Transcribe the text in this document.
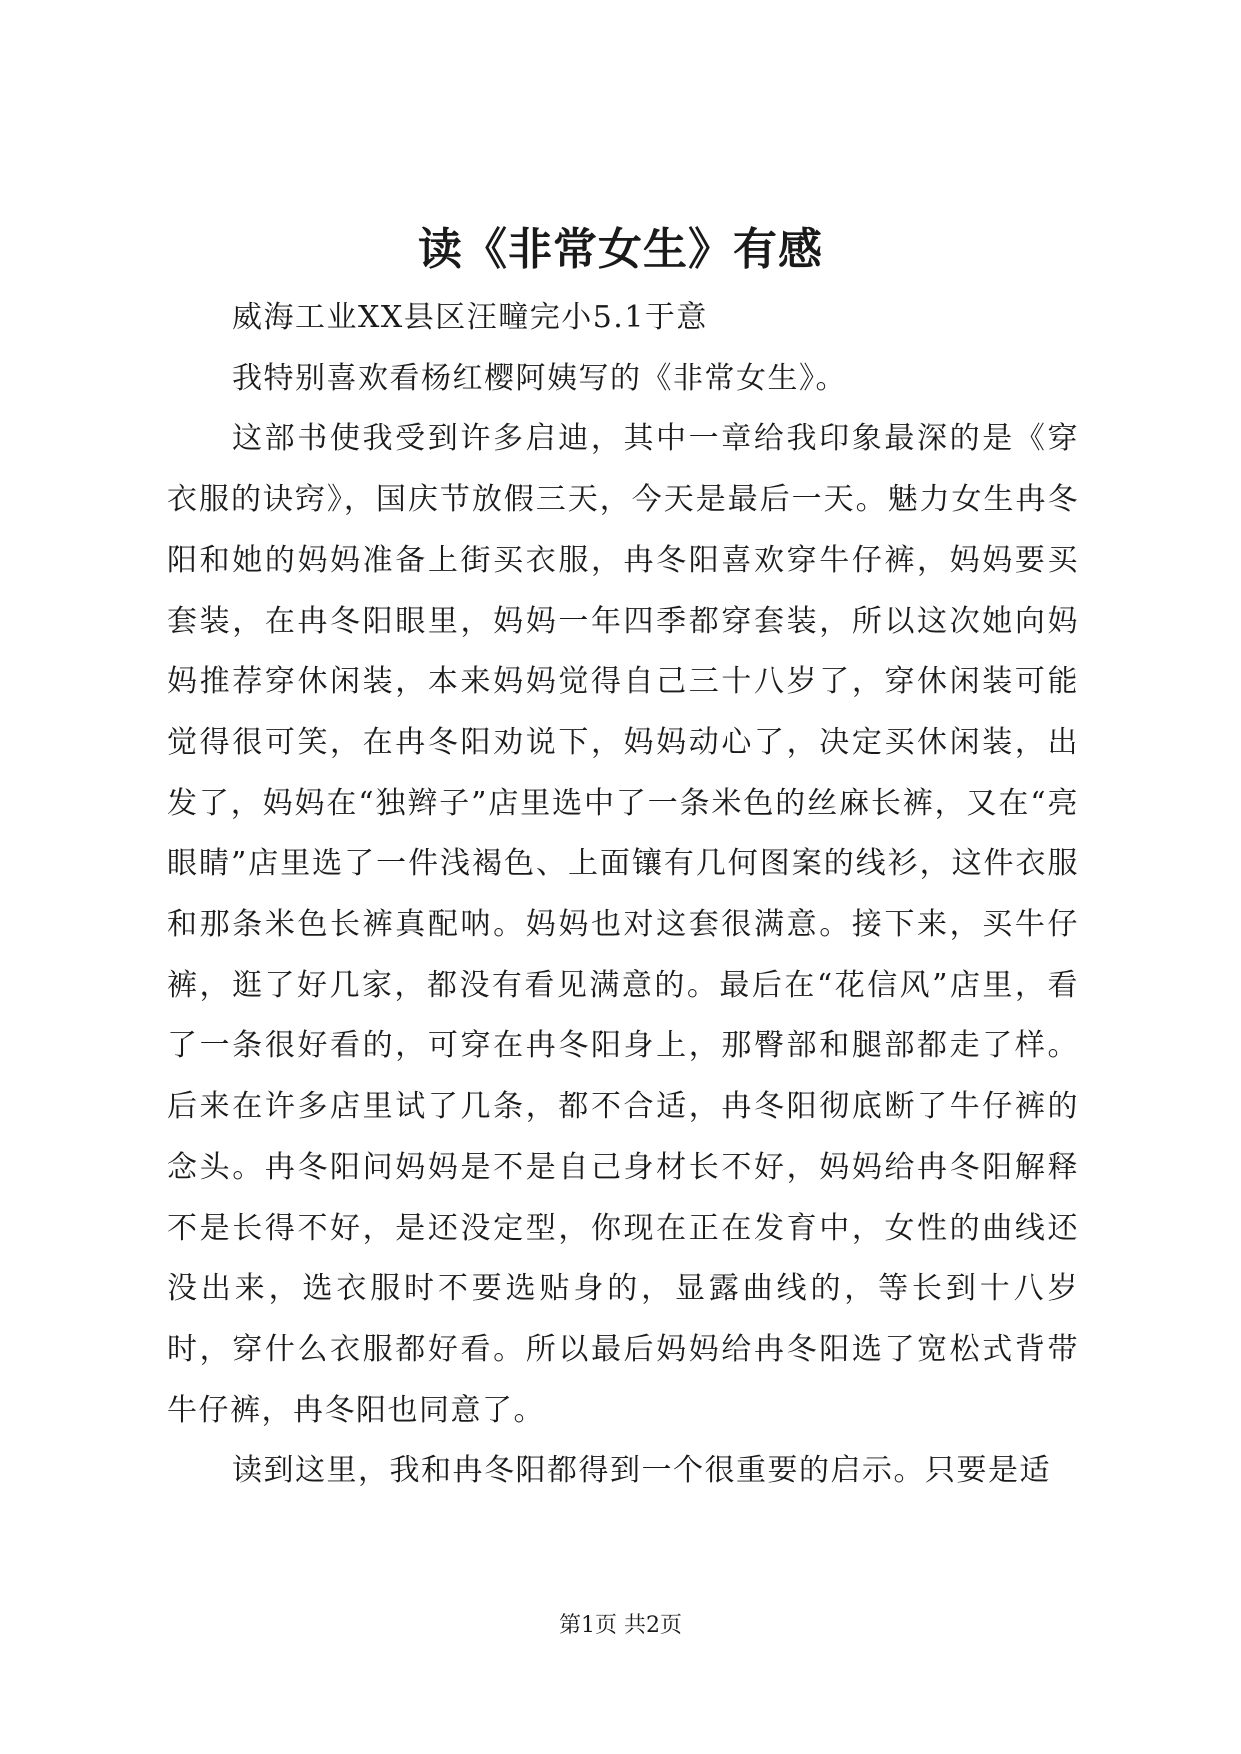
读《非常女生》有感

威海工业XX县区汪疃完小5.1于意

我特别喜欢看杨红樱阿姨写的《非常女生》。

这部书使我受到许多启迪，其中一章给我印象最深的是《穿衣服的诀窍》，国庆节放假三天，今天是最后一天。魅力女生冉冬阳和她的妈妈准备上街买衣服，冉冬阳喜欢穿牛仔裤，妈妈要买套装，在冉冬阳眼里，妈妈一年四季都穿套装，所以这次她向妈妈推荐穿休闲装，本来妈妈觉得自己三十八岁了，穿休闲装可能觉得很可笑，在冉冬阳劝说下，妈妈动心了，决定买休闲装，出发了，妈妈在“独辫子”店里选中了一条米色的丝麻长裤，又在“亮眼睛”店里选了一件浅褐色、上面镶有几何图案的线衫，这件衣服和那条米色长裤真配呐。妈妈也对这套很满意。接下来，买牛仔裤，逛了好几家，都没有看见满意的。最后在“花信风”店里，看了一条很好看的，可穿在冉冬阳身上，那臀部和腿部都走了样。后来在许多店里试了几条，都不合适，冉冬阳彻底断了牛仔裤的念头。冉冬阳问妈妈是不是自己身材长不好，妈妈给冉冬阳解释不是长得不好，是还没定型，你现在正在发育中，女性的曲线还没出来，选衣服时不要选贴身的，显露曲线的，等长到十八岁时，穿什么衣服都好看。所以最后妈妈给冉冬阳选了宽松式背带牛仔裤，冉冬阳也同意了。

读到这里，我和冉冬阳都得到一个很重要的启示。只要是适

第1页 共2页
